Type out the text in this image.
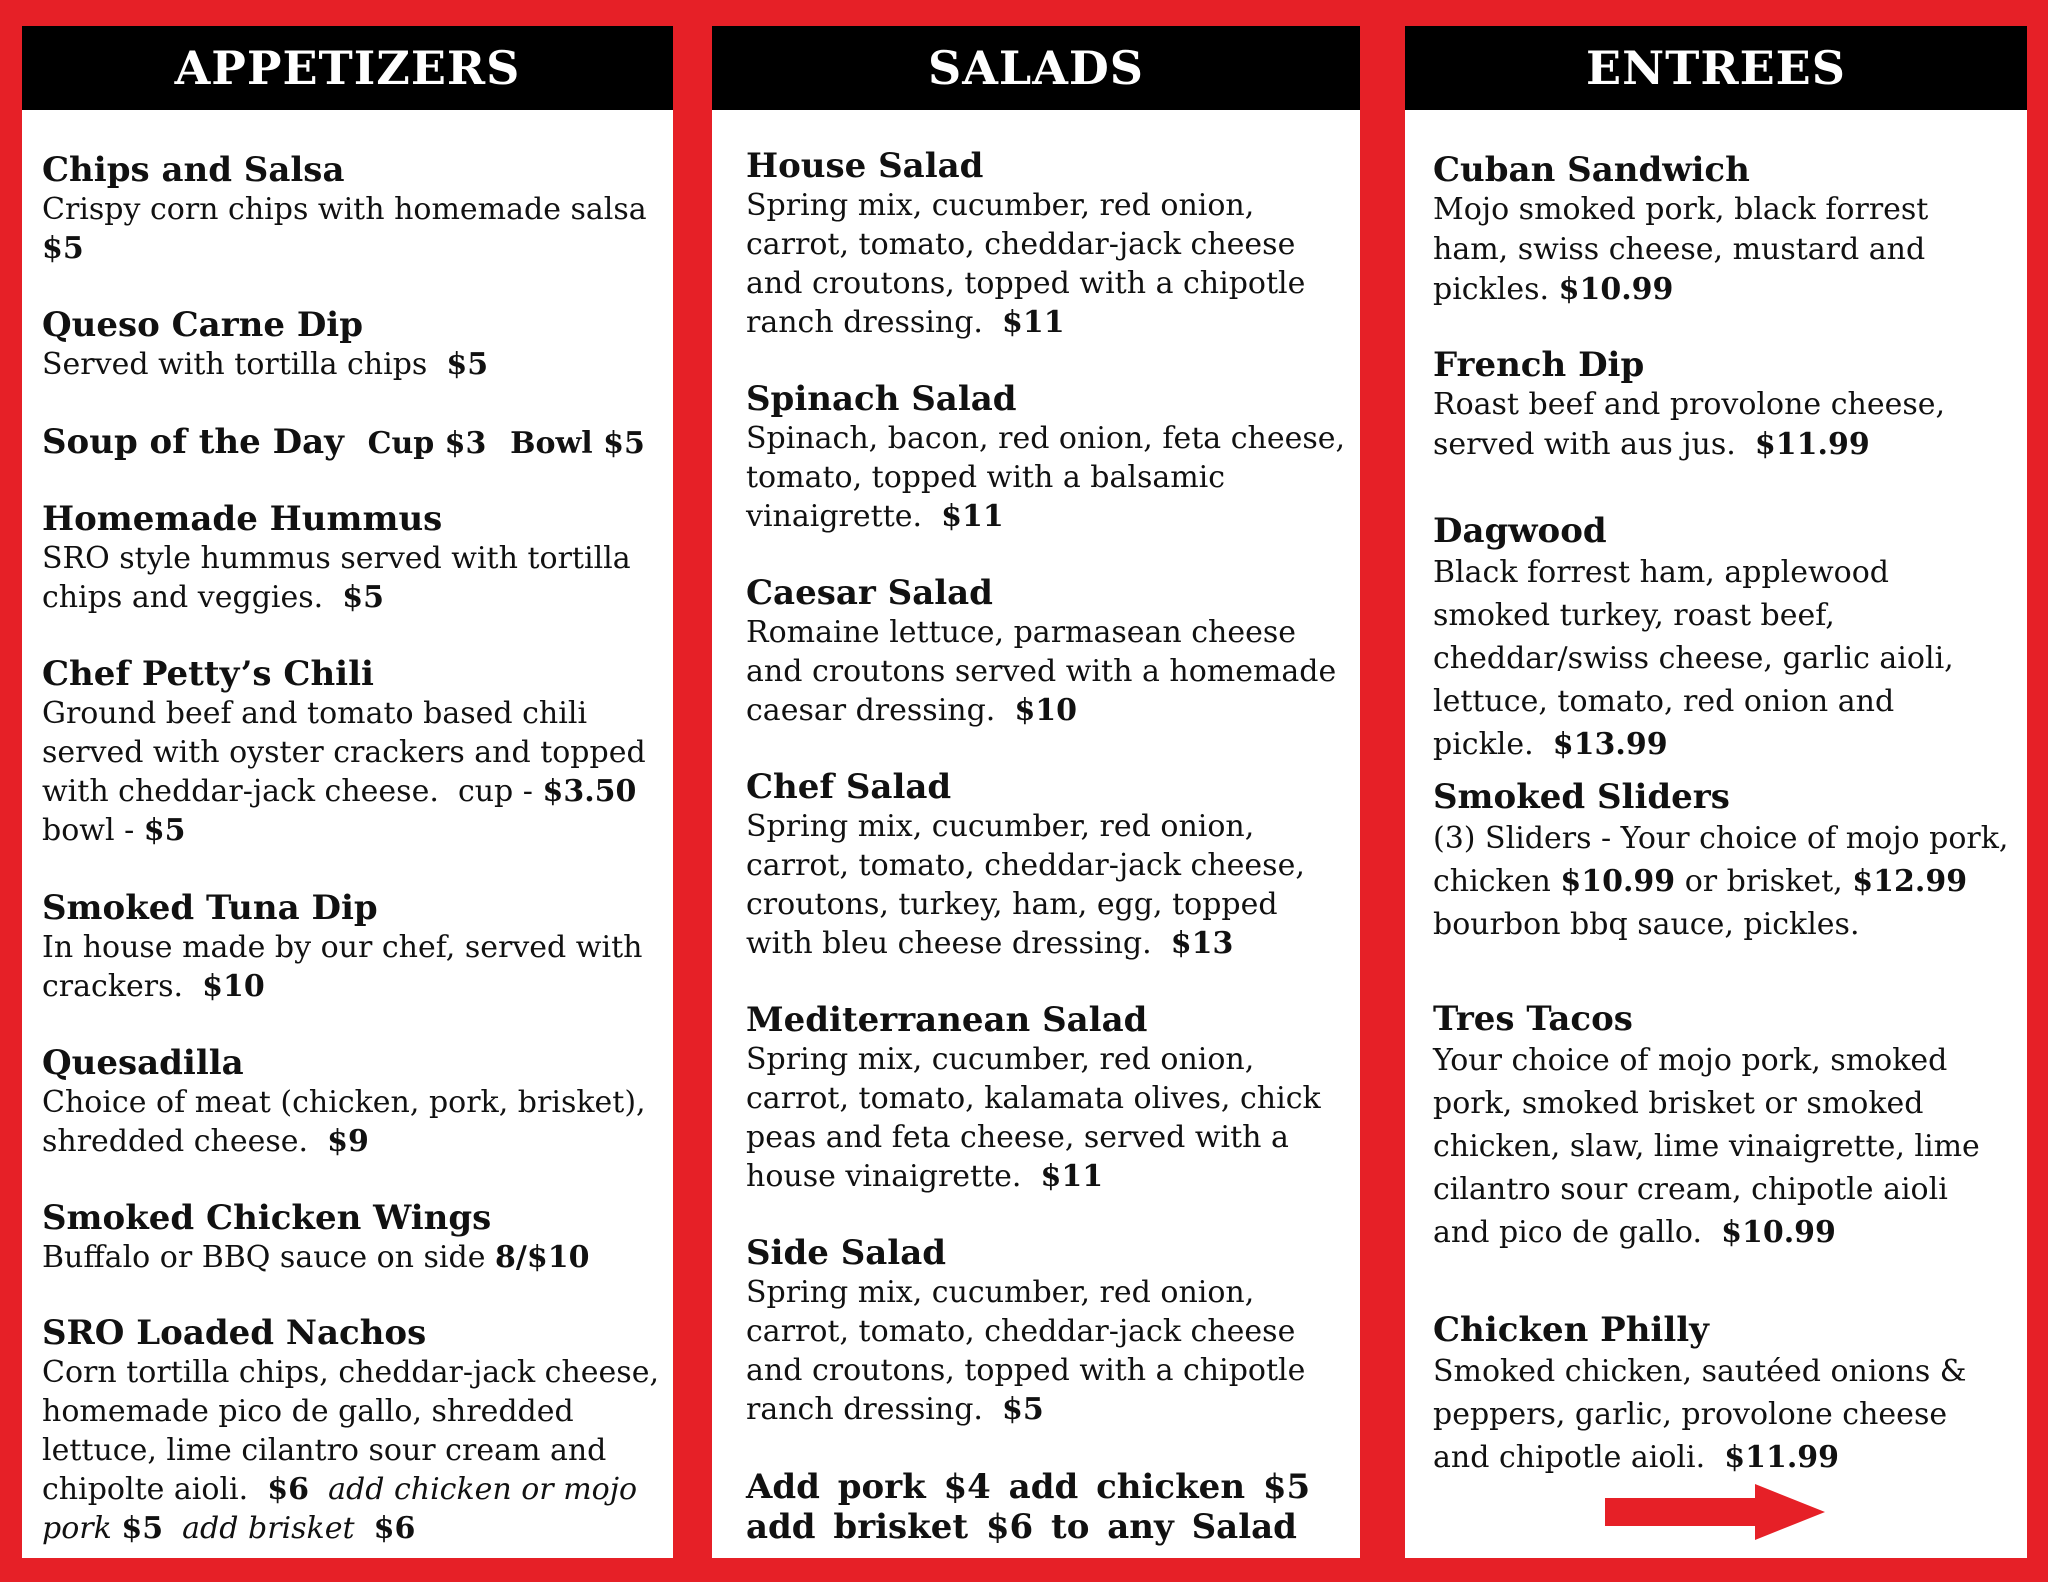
APPETIZERS
Chips and Salsa
Crispy corn chips with homemade salsa  $5
Queso Carne Dip
Served with tortilla chips $5
Soup of the Day Cup $3 Bowl $5
Homemade Hummus
SRO style hummus served with tortilla chips and veggies. $5
Chef Petty’s Chili
Ground beef and tomato based chili served with oyster crackers and topped with cheddar-jack cheese. cup - $3.50 bowl - $5
Smoked Tuna Dip
In house made by our chef, served with crackers. $10
Quesadilla
Choice of meat (chicken, pork, brisket), shredded cheese. $9
Smoked Chicken Wings
Buffalo or BBQ sauce on side 8/$10
SRO Loaded Nachos
Corn tortilla chips, cheddar-jack cheese, homemade pico de gallo, shredded lettuce, lime cilantro sour cream and chipolte aioli. $6 add chicken or mojo pork $5 add brisket $6
SALADS
House Salad
Spring mix, cucumber, red onion, carrot, tomato, cheddar-jack cheese and croutons, topped with a chipotle ranch dressing. $11
Spinach Salad
Spinach, bacon, red onion, feta cheese, tomato, topped with a balsamic vinaigrette. $11
Caesar Salad
Romaine lettuce, parmasean cheese and croutons served with a homemade caesar dressing. $10
Chef Salad
Spring mix, cucumber, red onion, carrot, tomato, cheddar-jack cheese, croutons, turkey, ham, egg, topped with bleu cheese dressing. $13
Mediterranean Salad
Spring mix, cucumber, red onion, carrot, tomato, kalamata olives, chick peas and feta cheese, served with a house vinaigrette. $11
Side Salad
Spring mix, cucumber, red onion, carrot, tomato, cheddar-jack cheese and croutons, topped with a chipotle ranch dressing. $5
Add pork $4 add chicken $5
add brisket $6 to any Salad
ENTREES
Cuban Sandwich
Mojo smoked pork, black forrest ham, swiss cheese, mustard and pickles. $10.99
French Dip
Roast beef and provolone cheese, served with aus jus. $11.99
Dagwood
Black forrest ham, applewood smoked turkey, roast beef, cheddar/swiss cheese, garlic aioli, lettuce, tomato, red onion and pickle. $13.99
Smoked Sliders
(3) Sliders - Your choice of mojo pork, chicken $10.99 or brisket, $12.99 bourbon bbq sauce, pickles.
Tres Tacos
Your choice of mojo pork, smoked pork, smoked brisket or smoked chicken, slaw, lime vinaigrette, lime cilantro sour cream, chipotle aioli and pico de gallo. $10.99
Chicken Philly
Smoked chicken, sautéed onions & peppers, garlic, provolone cheese and chipotle aioli. $11.99
